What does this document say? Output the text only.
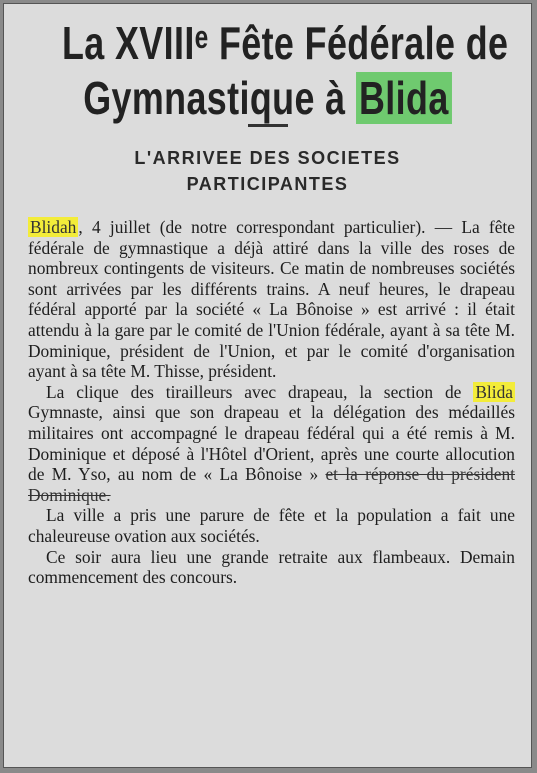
La XVIIIᵉ Fête Fédérale de
Gymnastique à Blida
L'ARRIVEE DES SOCIETES
PARTICIPANTES

Blidah , 4 juillet (de notre correspondant particulier). — La fête fédérale de gymnastique a déjà attiré dans la ville des roses de nombreux contingents de visiteurs. Ce matin de nombreuses sociétés sont arrivées par les différents trains. A neuf heures, le drapeau fédéral apporté par la société « La Bônoise » est arrivé : il était attendu à la gare par le comité de l'Union fédérale, ayant à sa tête M. Dominique, président de l'Union, et par le comité d'organisation ayant à sa tête M. Thisse, président.

La clique des tirailleurs avec drapeau, la section de Blida Gymnaste, ainsi que son drapeau et la délégation des médaillés militaires ont accompagné le drapeau fédéral qui a été remis à M. Dominique et déposé à l'Hôtel d'Orient, après une courte allocution de M. Yso, au nom de « La Bônoise » et la réponse du président Dominique.

La ville a pris une parure de fête et la population a fait une chaleureuse ovation aux sociétés.

Ce soir aura lieu une grande retraite aux flambeaux. Demain commencement des concours.
